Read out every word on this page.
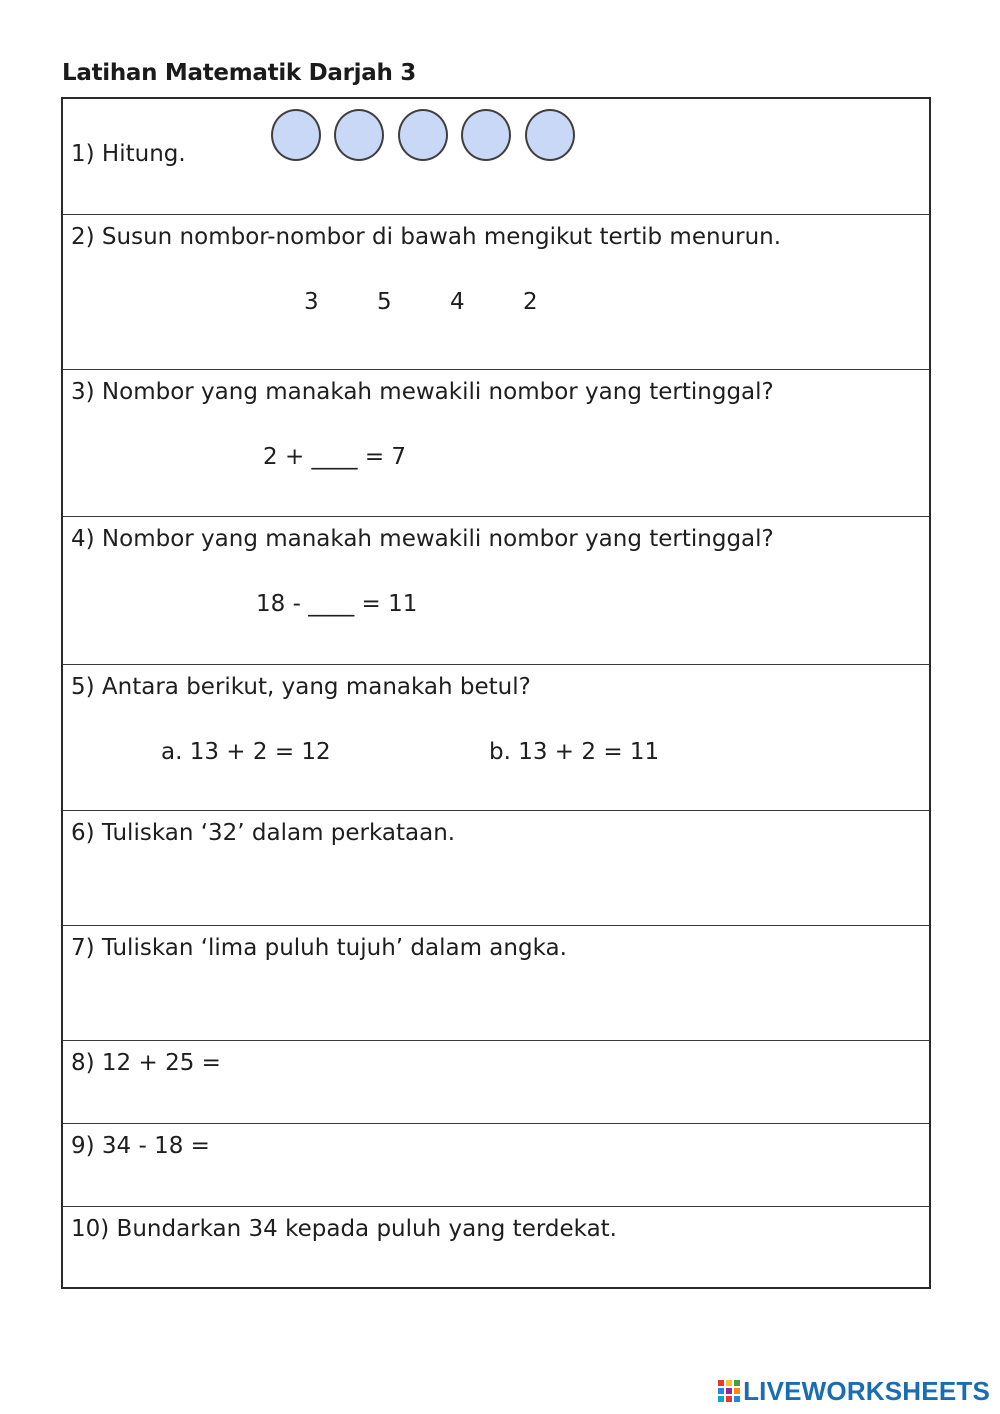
Latihan Matematik Darjah 3
1) Hitung.
2) Susun nombor-nombor di bawah mengikut tertib menurun.
3	5	4	2
3) Nombor yang manakah mewakili nombor yang tertinggal?
2 + ____ = 7
4) Nombor yang manakah mewakili nombor yang tertinggal?
18 - ____ = 11
5) Antara berikut, yang manakah betul?
a. 13 + 2 = 12	b. 13 + 2 = 11
6) Tuliskan ‘32’ dalam perkataan.
7) Tuliskan ‘lima puluh tujuh’ dalam angka.
8) 12 + 25 =
9) 34 - 18 =
10) Bundarkan 34 kepada puluh yang terdekat.
LIVEWORKSHEETS
